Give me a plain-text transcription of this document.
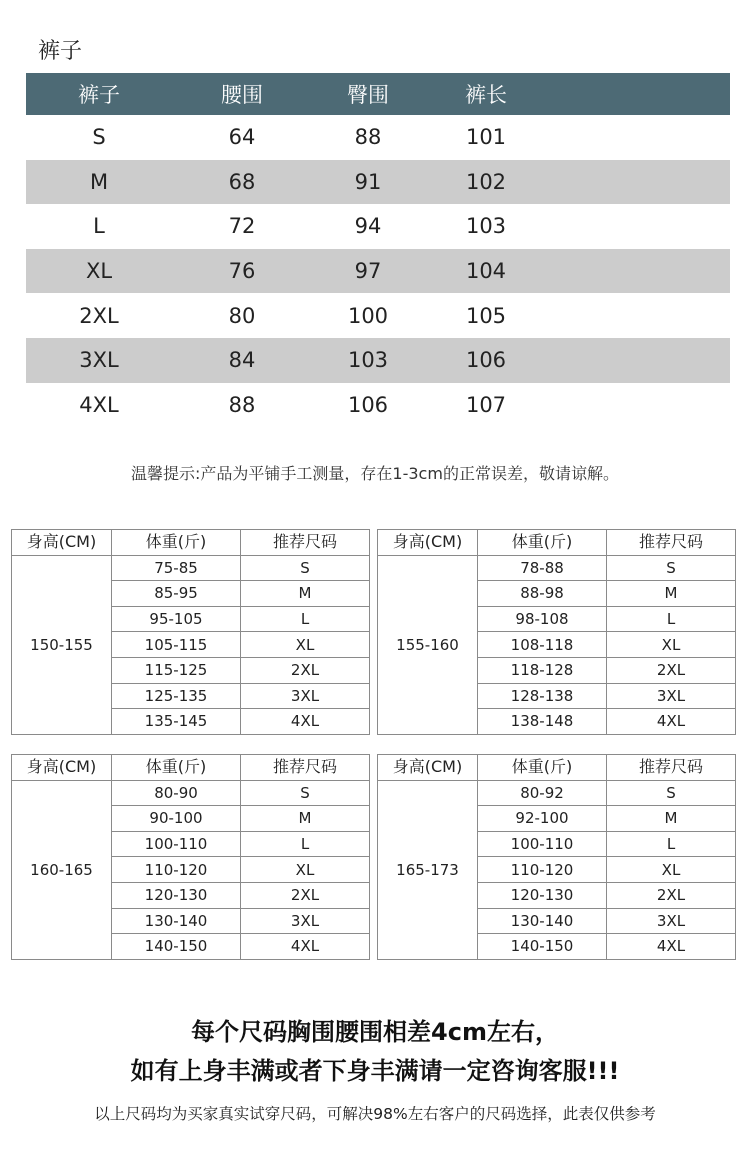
裤子
裤子	腰围	臀围	裤长
S	64	88	101
M	68	91	102
L	72	94	103
XL	76	97	104
2XL	80	100	105
3XL	84	103	106
4XL	88	106	107
温馨提示:产品为平铺手工测量，存在1-3cm的正常误差，敬请谅解。
身高(CM)	体重(斤)	推荐尺码
150-155	75-85	S
	85-95	M
	95-105	L
	105-115	XL
	115-125	2XL
	125-135	3XL
	135-145	4XL
身高(CM)	体重(斤)	推荐尺码
155-160	78-88	S
	88-98	M
	98-108	L
	108-118	XL
	118-128	2XL
	128-138	3XL
	138-148	4XL
身高(CM)	体重(斤)	推荐尺码
160-165	80-90	S
	90-100	M
	100-110	L
	110-120	XL
	120-130	2XL
	130-140	3XL
	140-150	4XL
身高(CM)	体重(斤)	推荐尺码
165-173	80-92	S
	92-100	M
	100-110	L
	110-120	XL
	120-130	2XL
	130-140	3XL
	140-150	4XL
每个尺码胸围腰围相差4cm左右，
如有上身丰满或者下身丰满请一定咨询客服!!!
以上尺码均为买家真实试穿尺码，可解决98%左右客户的尺码选择，此表仅供参考
